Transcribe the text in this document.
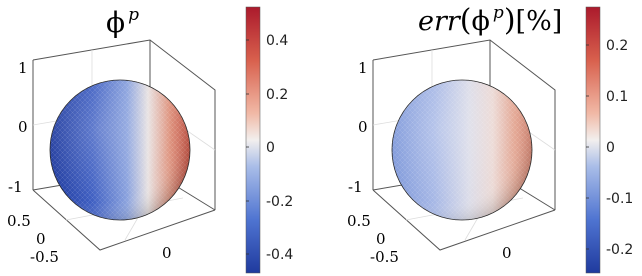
ϕ $^p$
1
0
-1
0.5
0
-0.5	0
0.4
0.2
0
-0.2
-0.4
err(ϕ $^p$)[%]
1
0
-1
0.5
0
-0.5	0
0.2
0.1
0
-0.1
-0.2
